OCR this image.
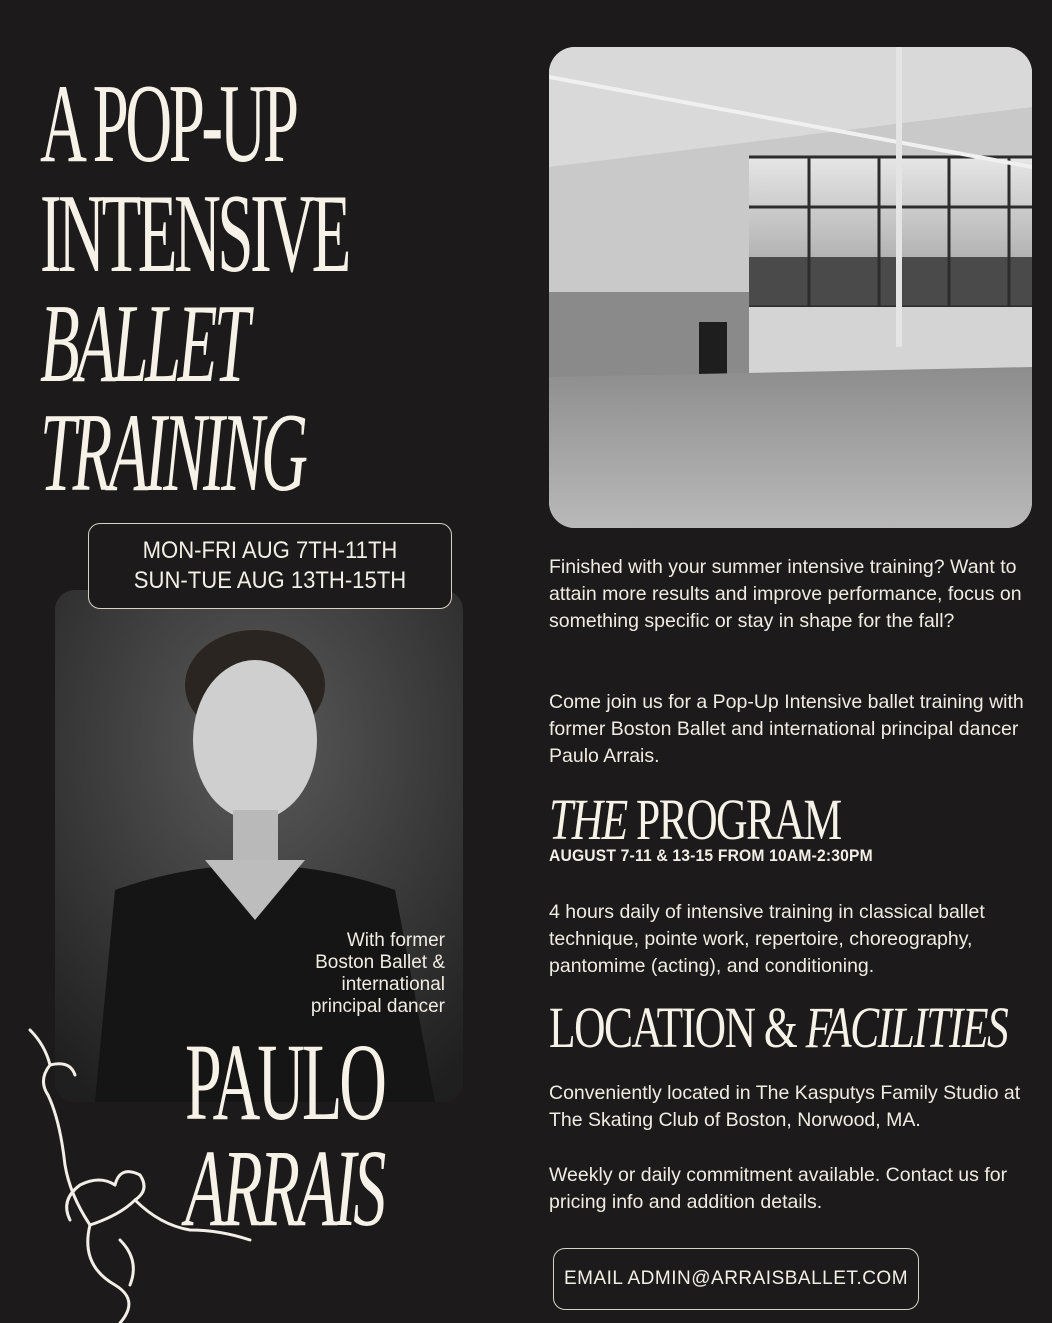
A POP-UP
INTENSIVE
BALLET
TRAINING
MON-FRI AUG 7TH-11TH
SUN-TUE AUG 13TH-15TH
With former
Boston Ballet &
international
principal dancer
PAULO
ARRAIS
Finished with your summer intensive training? Want to attain more results and improve performance, focus on something specific or stay in shape for the fall?
Come join us for a Pop-Up Intensive ballet training with former Boston Ballet and international principal dancer Paulo Arrais.
THE PROGRAM
AUGUST 7-11 & 13-15 FROM 10AM-2:30PM
4 hours daily of intensive training in classical ballet technique, pointe work, repertoire, choreography, pantomime (acting), and conditioning.
LOCATION & FACILITIES
Conveniently located in The Kasputys Family Studio at The Skating Club of Boston, Norwood, MA.
Weekly or daily commitment available. Contact us for pricing info and addition details.
EMAIL ADMIN@ARRAISBALLET.COM
